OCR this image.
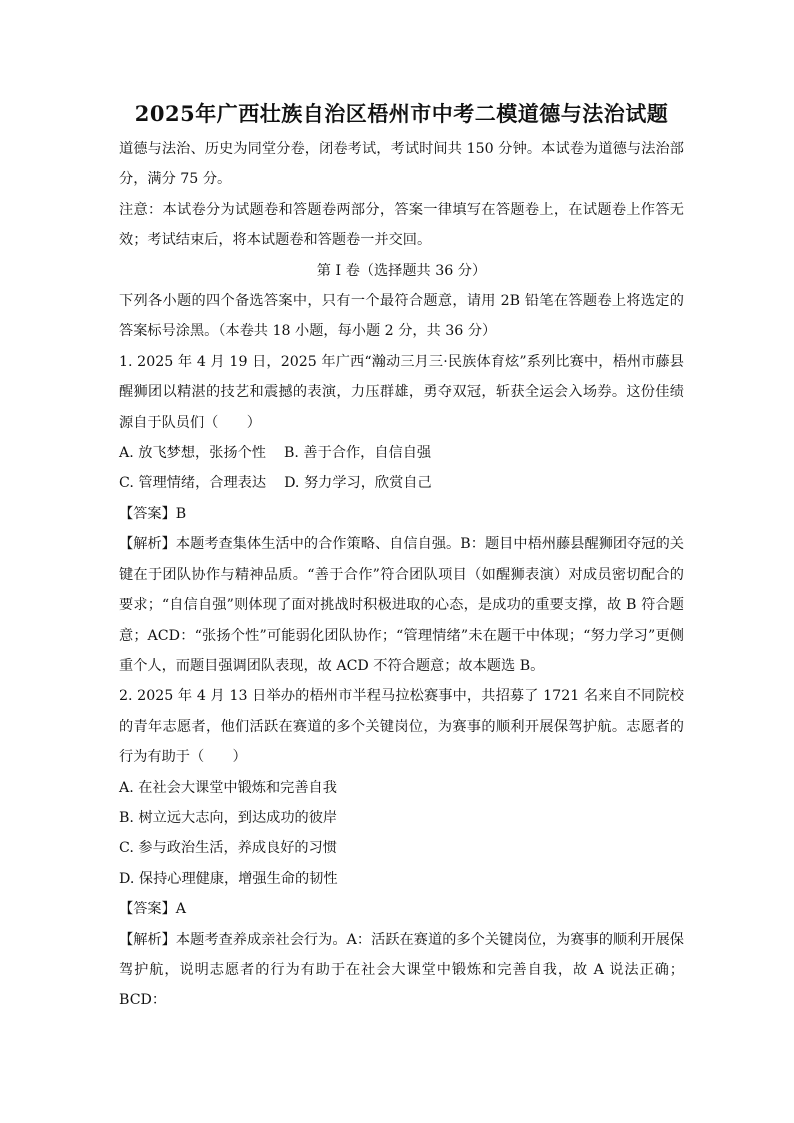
2025年广西壮族自治区梧州市中考二模道德与法治试题

道德与法治、历史为同堂分卷，闭卷考试，考试时间共 150 分钟。本试卷为道德与法治部分，满分 75 分。

注意：本试卷分为试题卷和答题卷两部分，答案一律填写在答题卷上，在试题卷上作答无效；考试结束后，将本试题卷和答题卷一并交回。

第 I 卷（选择题共 36 分）

下列各小题的四个备选答案中，只有一个最符合题意，请用 2B 铅笔在答题卷上将选定的答案标号涂黑。（本卷共 18 小题，每小题 2 分，共 36 分）

1. 2025 年 4 月 19 日，2025 年广西“瀚动三月三·民族体育炫”系列比赛中，梧州市藤县醒狮团以精湛的技艺和震撼的表演，力压群雄，勇夺双冠，斩获全运会入场券。这份佳绩源自于队员们（　　）

A. 放飞梦想，张扬个性 B. 善于合作，自信自强

C. 管理情绪，合理表达 D. 努力学习，欣赏自己

【答案】B

【解析】本题考查集体生活中的合作策略、自信自强。B：题目中梧州藤县醒狮团夺冠的关键在于团队协作与精神品质。“善于合作”符合团队项目（如醒狮表演）对成员密切配合的要求；“自信自强”则体现了面对挑战时积极进取的心态，是成功的重要支撑，故 B 符合题意；ACD：“张扬个性”可能弱化团队协作；“管理情绪”未在题干中体现；“努力学习”更侧重个人，而题目强调团队表现，故 ACD 不符合题意；故本题选 B。

2. 2025 年 4 月 13 日举办的梧州市半程马拉松赛事中，共招募了 1721 名来自不同院校的青年志愿者，他们活跃在赛道的多个关键岗位，为赛事的顺利开展保驾护航。志愿者的行为有助于（　　）

A. 在社会大课堂中锻炼和完善自我

B. 树立远大志向，到达成功的彼岸

C. 参与政治生活，养成良好的习惯

D. 保持心理健康，增强生命的韧性

【答案】A

【解析】本题考查养成亲社会行为。A：活跃在赛道的多个关键岗位，为赛事的顺利开展保驾护航，说明志愿者的行为有助于在社会大课堂中锻炼和完善自我，故 A 说法正确；BCD：
